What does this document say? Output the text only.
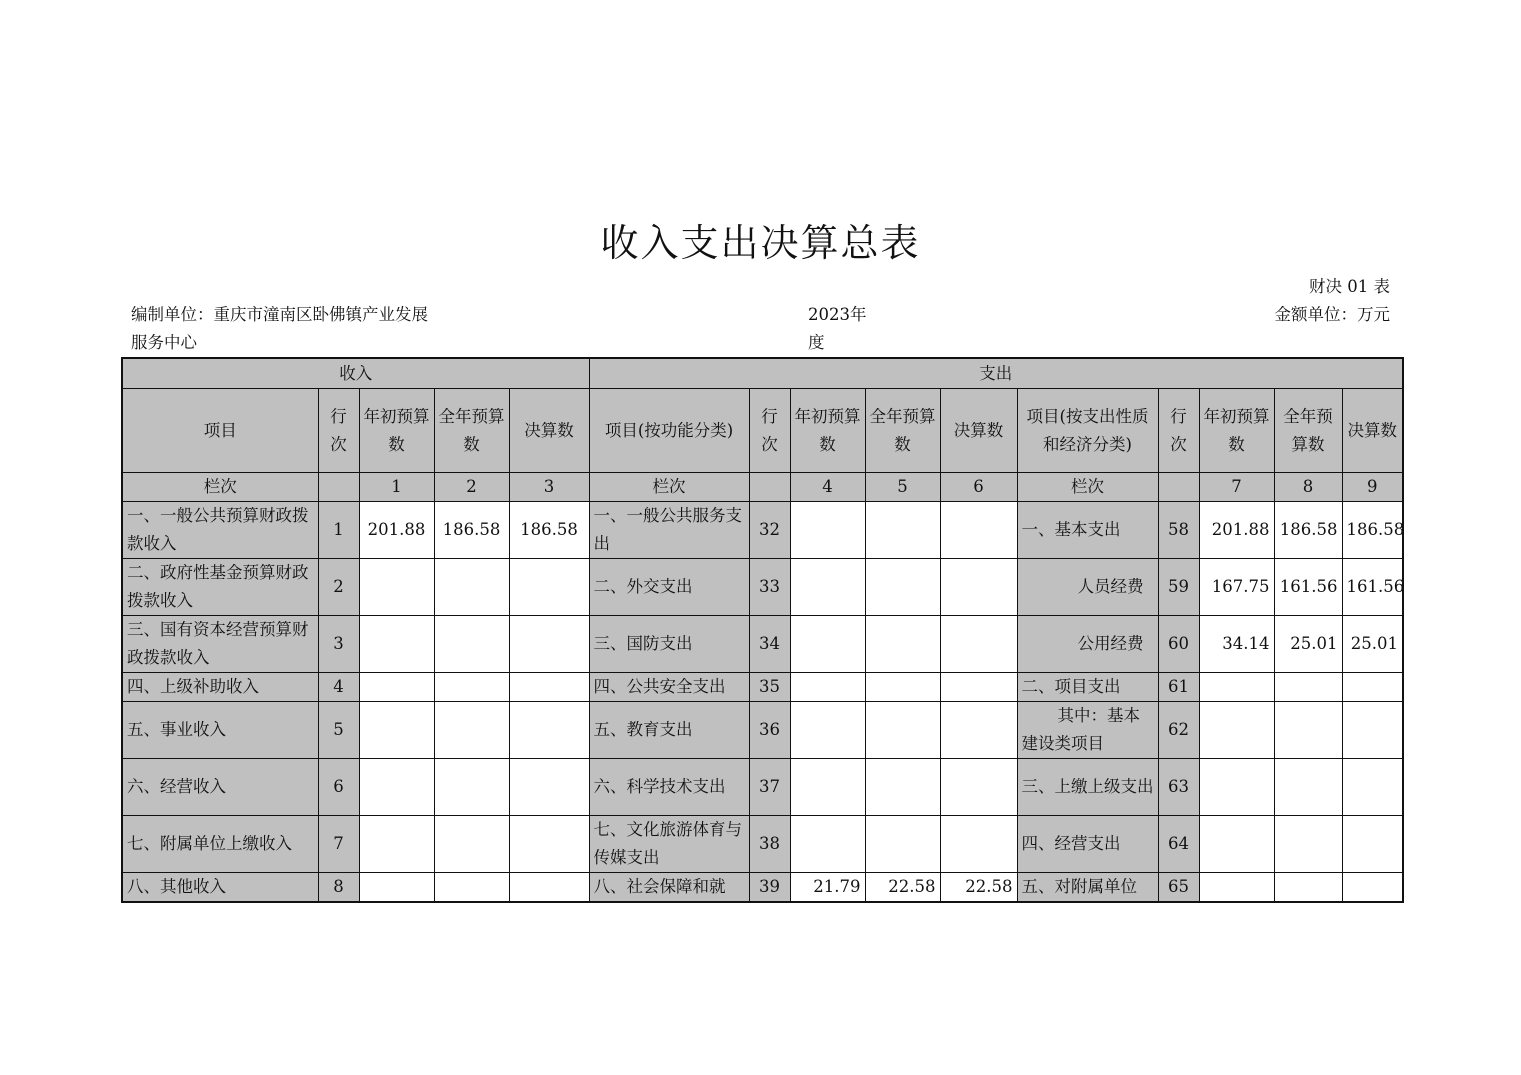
收入支出决算总表
财决 01 表
编制单位：重庆市潼南区卧佛镇产业发展服务中心
2023年度
金额单位：万元
收入					支出									
项目	行次	年初预算数	全年预算数	决算数	项目(按功能分类)	行次	年初预算数	全年预算数	决算数	项目(按支出性质和经济分类)	行次	年初预算数	全年预算数	决算数
栏次		1	2	3	栏次		4	5	6	栏次		7	8	9
一、一般公共预算财政拨款收入	1	201.88	186.58	186.58	一、一般公共服务支出	32				一、基本支出	58	201.88	186.58	186.58
二、政府性基金预算财政拨款收入	2				二、外交支出	33				人员经费	59	167.75	161.56	161.56
三、国有资本经营预算财政拨款收入	3				三、国防支出	34				公用经费	60	34.14	25.01	25.01
四、上级补助收入	4				四、公共安全支出	35				二、项目支出	61			
五、事业收入	5				五、教育支出	36				其中：基本建设类项目	62			
六、经营收入	6				六、科学技术支出	37				三、上缴上级支出	63			
七、附属单位上缴收入	7				七、文化旅游体育与传媒支出	38				四、经营支出	64			
八、其他收入	8				八、社会保障和就	39	21.79	22.58	22.58	五、对附属单位	65			
